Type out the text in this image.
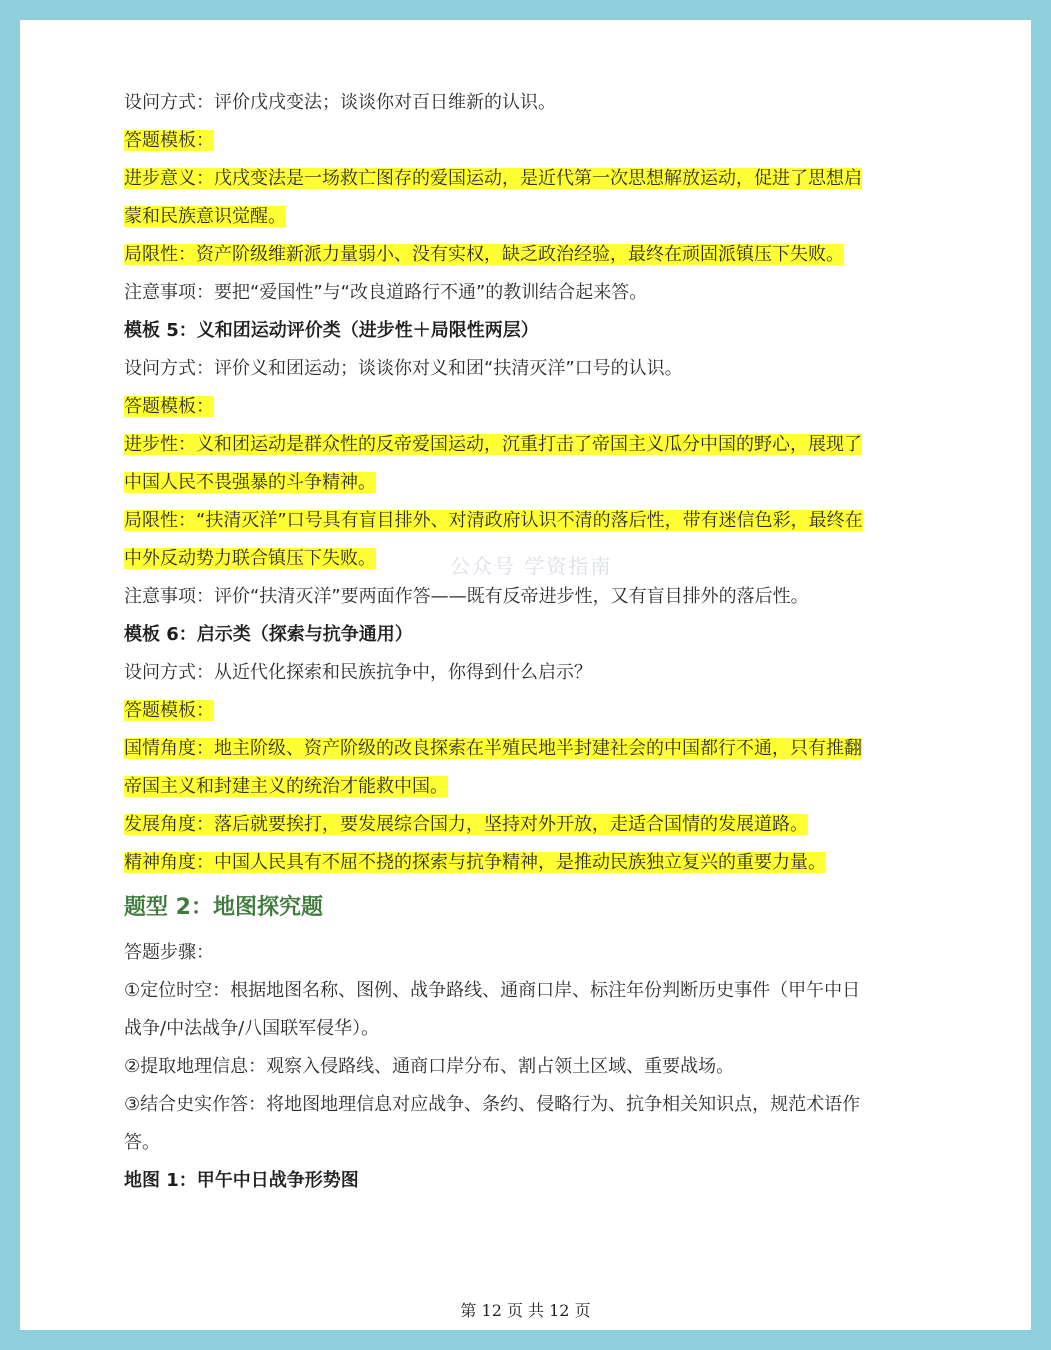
设问方式：评价戊戌变法；谈谈你对百日维新的认识。
答题模板：
进步意义：戊戌变法是一场救亡图存的爱国运动，是近代第一次思想解放运动，促进了思想启
蒙和民族意识觉醒。
局限性：资产阶级维新派力量弱小、没有实权，缺乏政治经验，最终在顽固派镇压下失败。
注意事项：要把“爱国性”与“改良道路行不通”的教训结合起来答。
模板 5：义和团运动评价类（进步性＋局限性两层）
设问方式：评价义和团运动；谈谈你对义和团“扶清灭洋”口号的认识。
答题模板：
进步性：义和团运动是群众性的反帝爱国运动，沉重打击了帝国主义瓜分中国的野心，展现了
中国人民不畏强暴的斗争精神。
局限性：“扶清灭洋”口号具有盲目排外、对清政府认识不清的落后性，带有迷信色彩，最终在
中外反动势力联合镇压下失败。
注意事项：评价“扶清灭洋”要两面作答——既有反帝进步性，又有盲目排外的落后性。
模板 6：启示类（探索与抗争通用）
设问方式：从近代化探索和民族抗争中，你得到什么启示？
答题模板：
国情角度：地主阶级、资产阶级的改良探索在半殖民地半封建社会的中国都行不通，只有推翻
帝国主义和封建主义的统治才能救中国。
发展角度：落后就要挨打，要发展综合国力，坚持对外开放，走适合国情的发展道路。
精神角度：中国人民具有不屈不挠的探索与抗争精神，是推动民族独立复兴的重要力量。
题型 2：地图探究题
答题步骤：
①定位时空：根据地图名称、图例、战争路线、通商口岸、标注年份判断历史事件（甲午中日
战争/中法战争/八国联军侵华）。
②提取地理信息：观察入侵路线、通商口岸分布、割占领土区域、重要战场。
③结合史实作答：将地图地理信息对应战争、条约、侵略行为、抗争相关知识点，规范术语作
答。
地图 1：甲午中日战争形势图
公众号 学资指南
第 12 页 共 12 页
